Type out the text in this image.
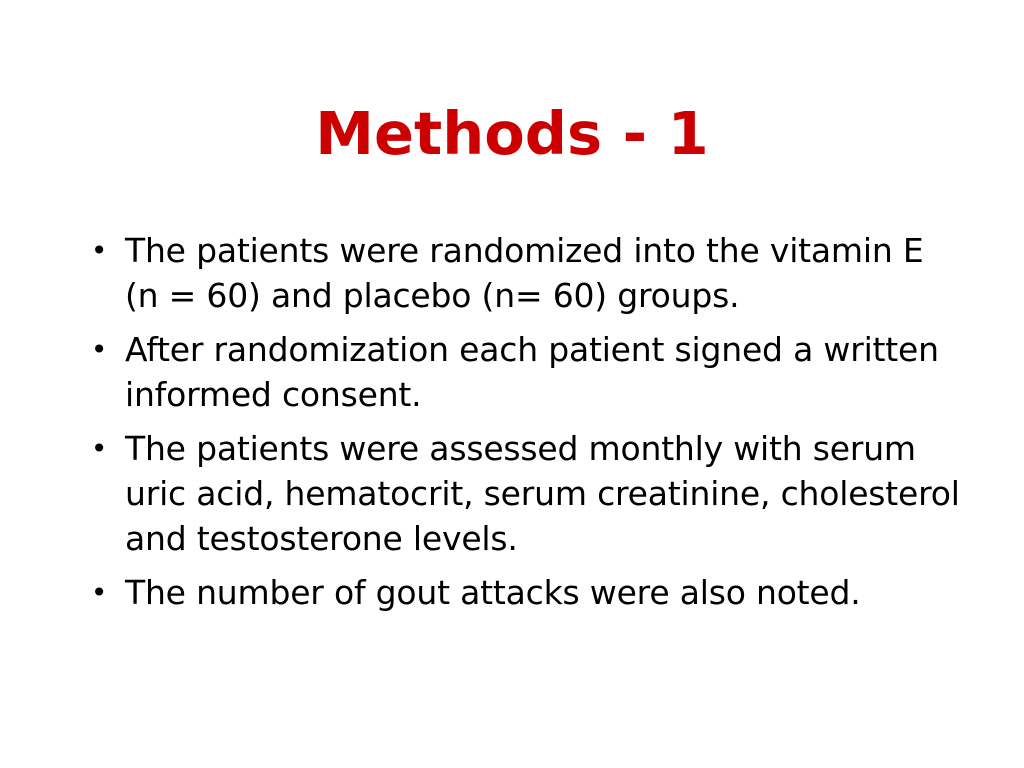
Methods - 1
• The patients were randomized into the vitamin E (n = 60) and placebo (n= 60) groups.
• After randomization each patient signed a written informed consent.
• The patients were assessed monthly with serum uric acid, hematocrit, serum creatinine, cholesterol and testosterone levels.
• The number of gout attacks were also noted.
